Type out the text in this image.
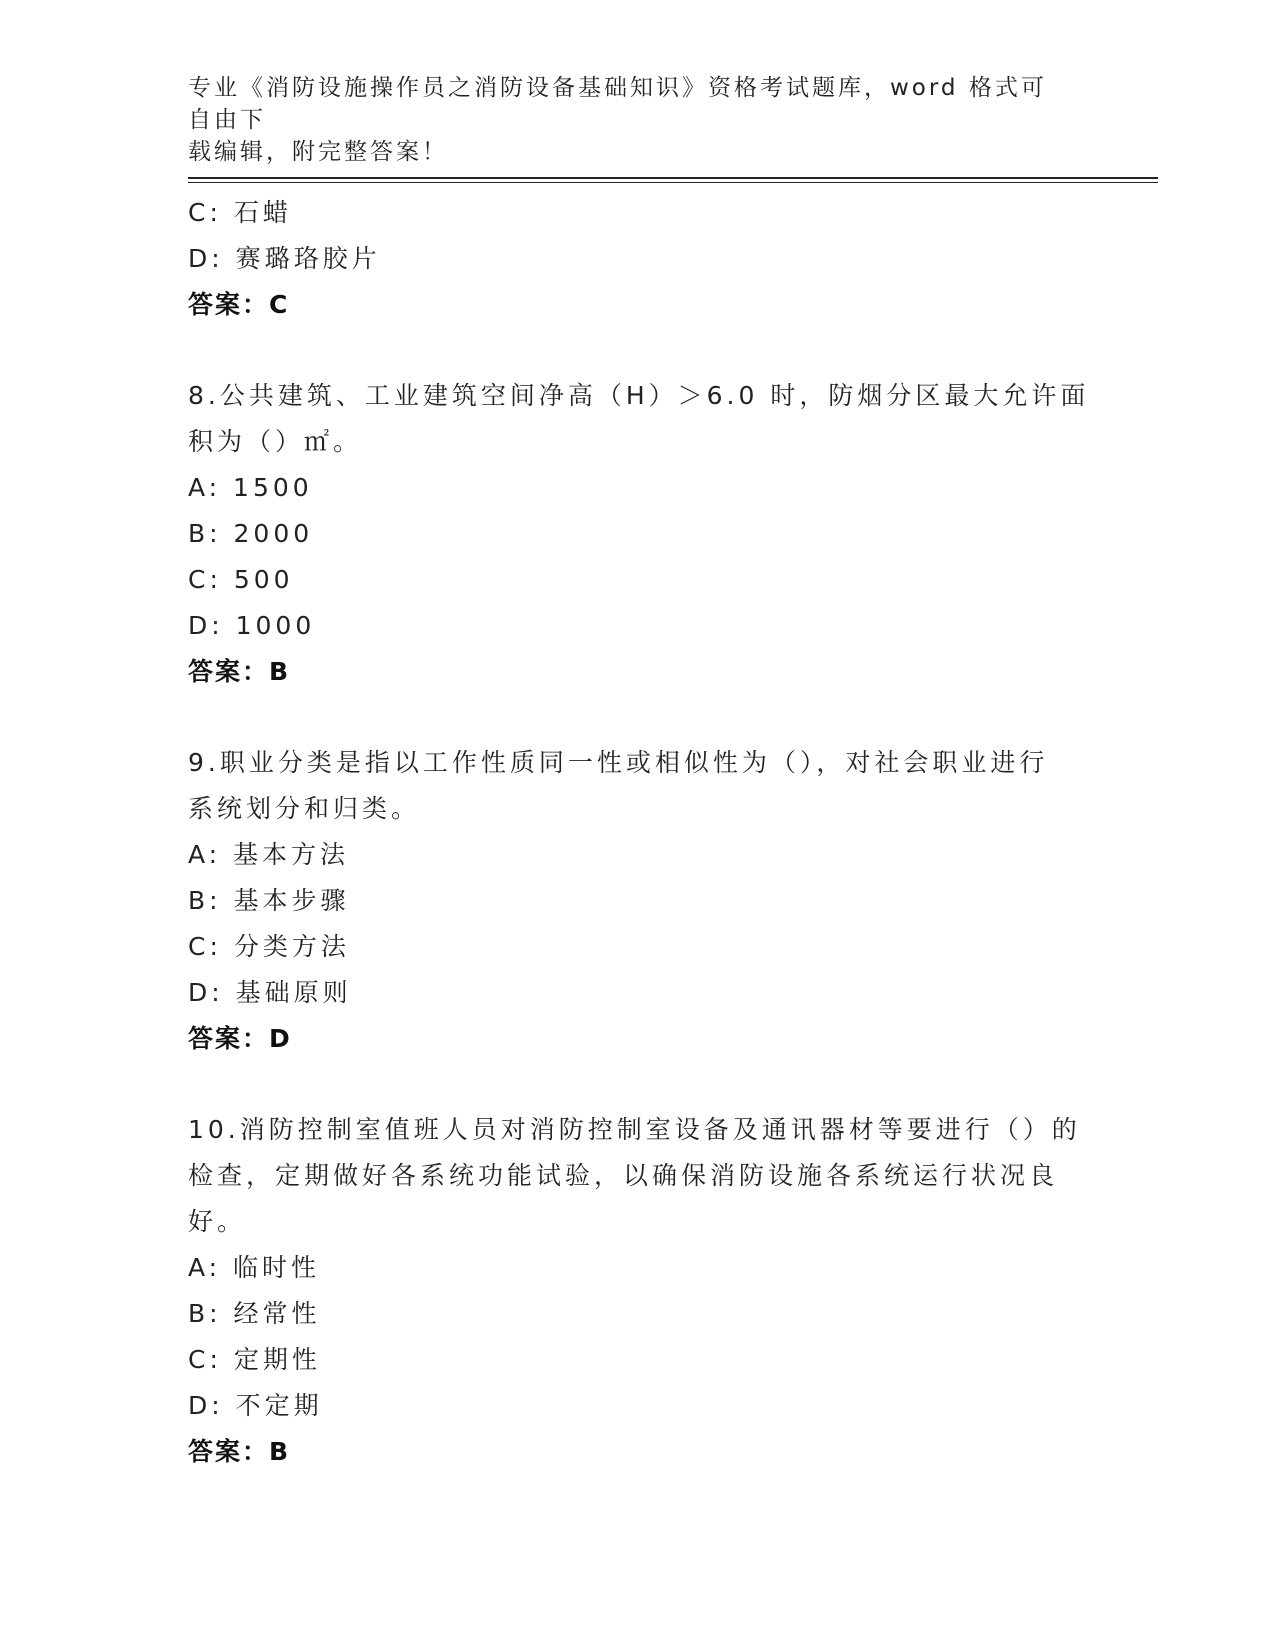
专业《消防设施操作员之消防设备基础知识》资格考试题库，word 格式可自由下
载编辑，附完整答案！
C: 石蜡
D: 赛璐珞胶片
答案：C
8.公共建筑、工业建筑空间净高（H）＞6.0 时，防烟分区最大允许面
积为（）㎡。
A: 1500
B: 2000
C: 500
D: 1000
答案：B
9.职业分类是指以工作性质同一性或相似性为（），对社会职业进行
系统划分和归类。
A: 基本方法
B: 基本步骤
C: 分类方法
D: 基础原则
答案：D
10.消防控制室值班人员对消防控制室设备及通讯器材等要进行（）的
检查，定期做好各系统功能试验，以确保消防设施各系统运行状况良
好。
A: 临时性
B: 经常性
C: 定期性
D: 不定期
答案：B
